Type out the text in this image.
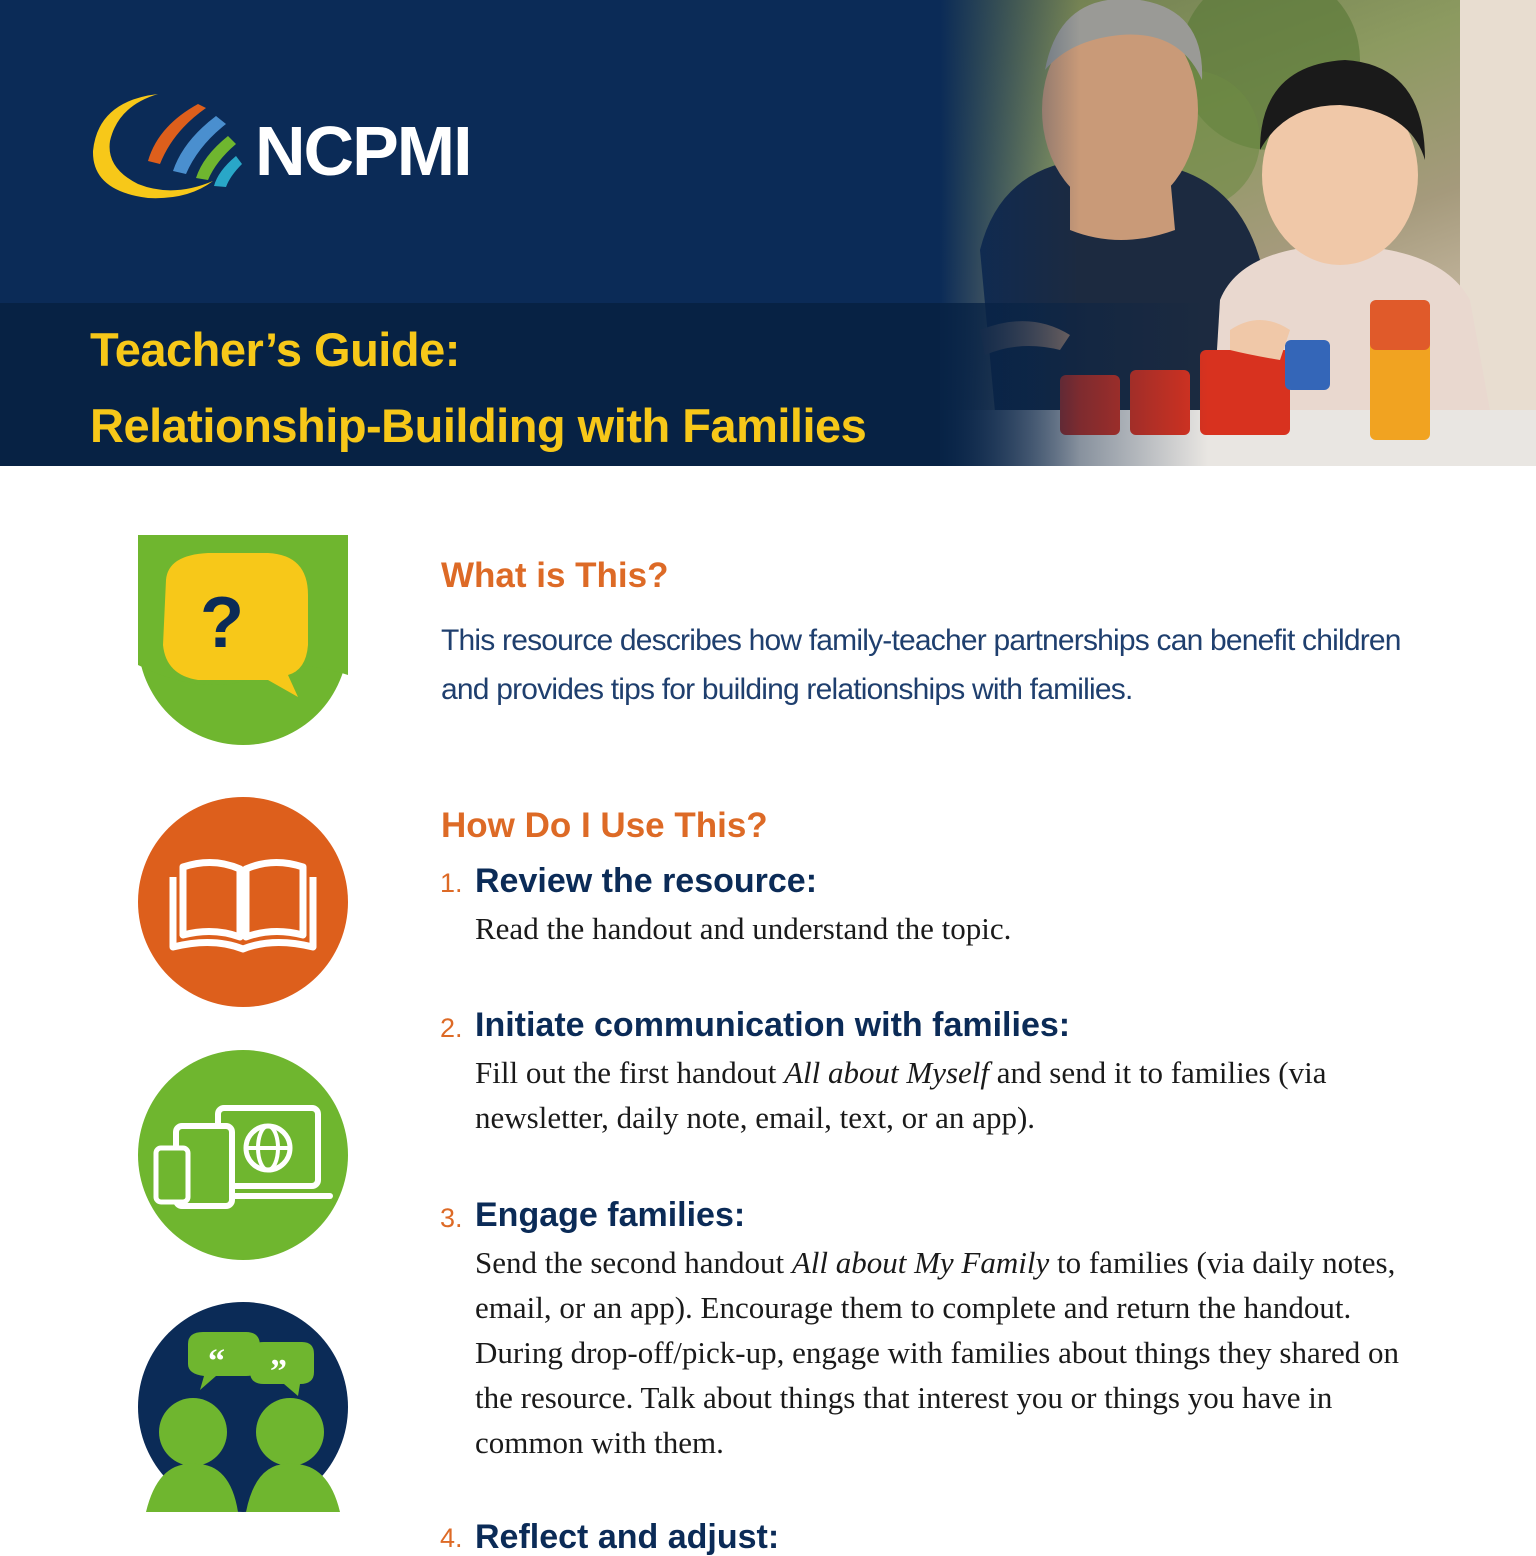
NCPMI
Teacher’s Guide:
Relationship-Building with Families
?
“ ”
What is This?
This resource describes how family-teacher partnerships can benefit children and provides tips for building relationships with families.
How Do I Use This?
1. Review the resource:
Read the handout and understand the topic.
2. Initiate communication with families:
Fill out the first handout All about Myself and send it to families (via newsletter, daily note, email, text, or an app).
3. Engage families:
Send the second handout All about My Family to families (via daily notes, email, or an app). Encourage them to complete and return the handout. During drop-off/pick-up, engage with families about things they shared on the resource. Talk about things that interest you or things you have in common with them.
4. Reflect and adjust:
